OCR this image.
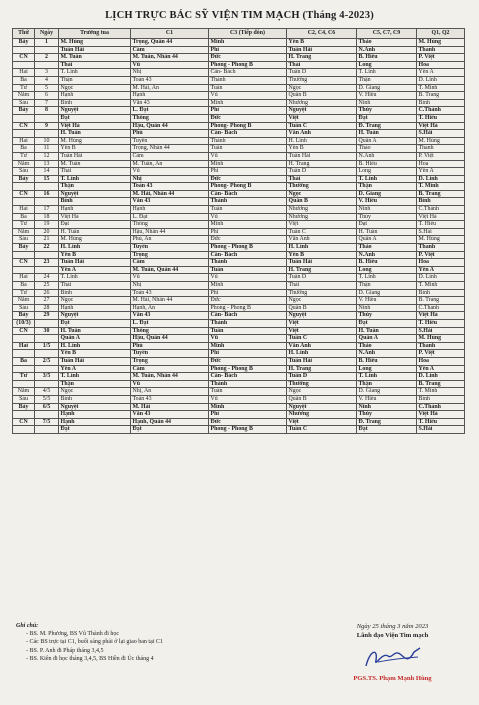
LỊCH TRỰC BÁC SỸ VIỆN TIM MẠCH (Tháng 4-2023)
Thứ	Ngày	Trưởng tua	C1	C3 (Tiếp đón)	C2, C4, C6	C5, C7, C9	Q1, Q2
Bảy	1	M. Hùng	Trọng, Quân 44	Minh	Yến B	Thảo	M. Hùng
		Tuấn Hải	Cẩm	Phi	Tuấn Hải	N.Anh	Thanh
CN	2	M. Tuấn	M. Tuấn, Nhân 44	Đức	H. Trang	B. Hiếu	P. Việt
		Thái	Vũ	Phong - Phong B	Thái	Long	Hoa
Hai	3	T. Linh	Nhị	Cần- Bách	Tuấn D	T. Linh	Yến A
Ba	4	Thận	Toàn 43	Thành	Thường	Thận	D. Linh
Tư	5	Ngọc	M. Hải, An	Tuấn	Ngọc	D. Giang	T. Minh
Năm	6	Hạnh	Hạnh	Vũ	Quân B	V. Hiếu	B. Trang
Sáu	7	Bình	Văn 43	Minh	Nhương	Ninh	Bình
Bảy	8	Nguyệt	L. Đạt	Phi	Nguyệt	Thủy	C.Thành
		Đạt	Thông	Đức	Việt	Đạt	T. Hiếu
CN	9	Việt Hà	Hậu, Quân 44	Phong- Phong B	Tuấn C	Đ. Trang	Việt Hà
		H. Tuấn	Phú	Cần- Bách	Văn Anh	H. Tuấn	S.Hải
Hai	10	M. Hùng	Tuyền	Thành	H. Linh	Quân A	M. Hùng
Ba	11	Yến B	Trọng, Nhân 44	Tuấn	Yến B	Thảo	Thanh
Tư	12	Tuấn Hải	Cẩm	Vũ	Tuấn Hải	N.Anh	P. Việt
Năm	13	M. Tuấn	M. Tuấn, An	Minh	H. Trang	B. Hiếu	Hoa
Sáu	14	Thái	Vũ	Phi	Tuấn D	Long	Yến A
Bảy	15	T. Linh	Nhị	Đức	Thái	T. Linh	D. Linh
		Thận	Toàn 43	Phong- Phong B	Thường	Thận	T. Minh
CN	16	Nguyệt	M. Hải, Nhân 44	Cần- Bách	Ngọc	D. Giang	B. Trang
		Bình	Văn 43	Thành	Quân B	V. Hiếu	Bình
Hai	17	Hạnh	Hạnh	Tuấn	Nhương	Ninh	C.Thành
Ba	18	Việt Hà	L. Đạt	Vũ	Nhương	Thủy	Việt Hà
Tư	19	Đạt	Thông	Minh	Việt	Đạt	T. Hiếu
Năm	20	H. Tuấn	Hậu, Nhân 44	Phi	Tuấn C	H. Tuấn	S.Hải
Sáu	21	M. Hùng	Phú, An	Đức	Văn Anh	Quân A	M. Hùng
Bảy	22	H. Linh	Tuyền	Phong - Phong B	H. Linh	Thảo	Thanh
		Yến B	Trọng	Cần- Bách	Yến B	N.Anh	P. Việt
CN	23	Tuấn Hải	Cẩm	Thành	Tuấn Hải	B. Hiếu	Hoa
		Yến A	M. Tuấn, Quân 44	Tuấn	H. Trang	Long	Yến A
Hai	24	T. Linh	Vũ	Vũ	Tuấn D	T. Linh	D. Linh
Ba	25	Thái	Nhị	Minh	Thái	Thận	T. Minh
Tư	26	Bình	Toàn 43	Phi	Thường	D. Giang	Bình
Năm	27	Ngọc	M. Hải, Nhân 44	Đức	Ngọc	V. Hiếu	B. Trang
Sáu	28	Hạnh	Hạnh, An	Phong - Phong B	Quân B	Ninh	C.Thành
Bảy	29	Nguyệt	Văn 43	Cần- Bách	Nguyệt	Thủy	Việt Hà
(10/3)		Đạt	L. Đạt	Thành	Việt	Đạt	T. Hiếu
CN	30	H. Tuấn	Thông	Tuấn	Việt	H. Tuấn	S.Hải
		Quân A	Hậu, Quân 44	Vũ	Tuấn C	Quân A	M. Hùng
Hai	1/5	H. Linh	Phú	Minh	Văn Anh	Thảo	Thanh
		Yến B	Tuyền	Phi	H. Linh	N.Anh	P. Việt
Ba	2/5	Tuấn Hải	Trọng	Đức	Tuấn Hải	B. Hiếu	Hoa
		Yến A	Cẩm	Phong - Phong B	H. Trang	Long	Yến A
Tư	3/5	T. Linh	M. Tuấn, Nhân 44	Cần- Bách	Tuấn D	T. Linh	D. Linh
		Thận	Vũ	Thành	Thường	Thận	B. Trang
Năm	4/5	Ngọc	Nhị, An	Tuấn	Ngọc	D. Giang	T. Minh
Sáu	5/5	Bình	Toàn 43	Vũ	Quân B	V. Hiếu	Bình
Bảy	6/5	Nguyệt	M. Hải	Minh	Nguyệt	Ninh	C.Thành
		Hạnh	Văn 43	Phi	Nhương	Thủy	Việt Hà
CN	7/5	Hạnh	Hạnh, Quân 44	Đức	Việt	Đ. Trang	T. Hiếu
		Đạt	Đạt	Phong - Phong B	Tuấn C	Đạt	S.Hải
Ghi chú:
- BS. M. Phương, BS Vũ Thành đi học
- Các BS trực tại C1, buổi sáng phải ở lại giao ban tại C1
- BS. P. Anh đi Pháp tháng 3,4,5
- BS. Kiên đi học tháng 3,4,5, BS Hiền đi Úc tháng 4
Ngày 25 tháng 3 năm 2023
Lãnh đạo Viện Tim mạch
PGS.TS. Phạm Mạnh Hùng
